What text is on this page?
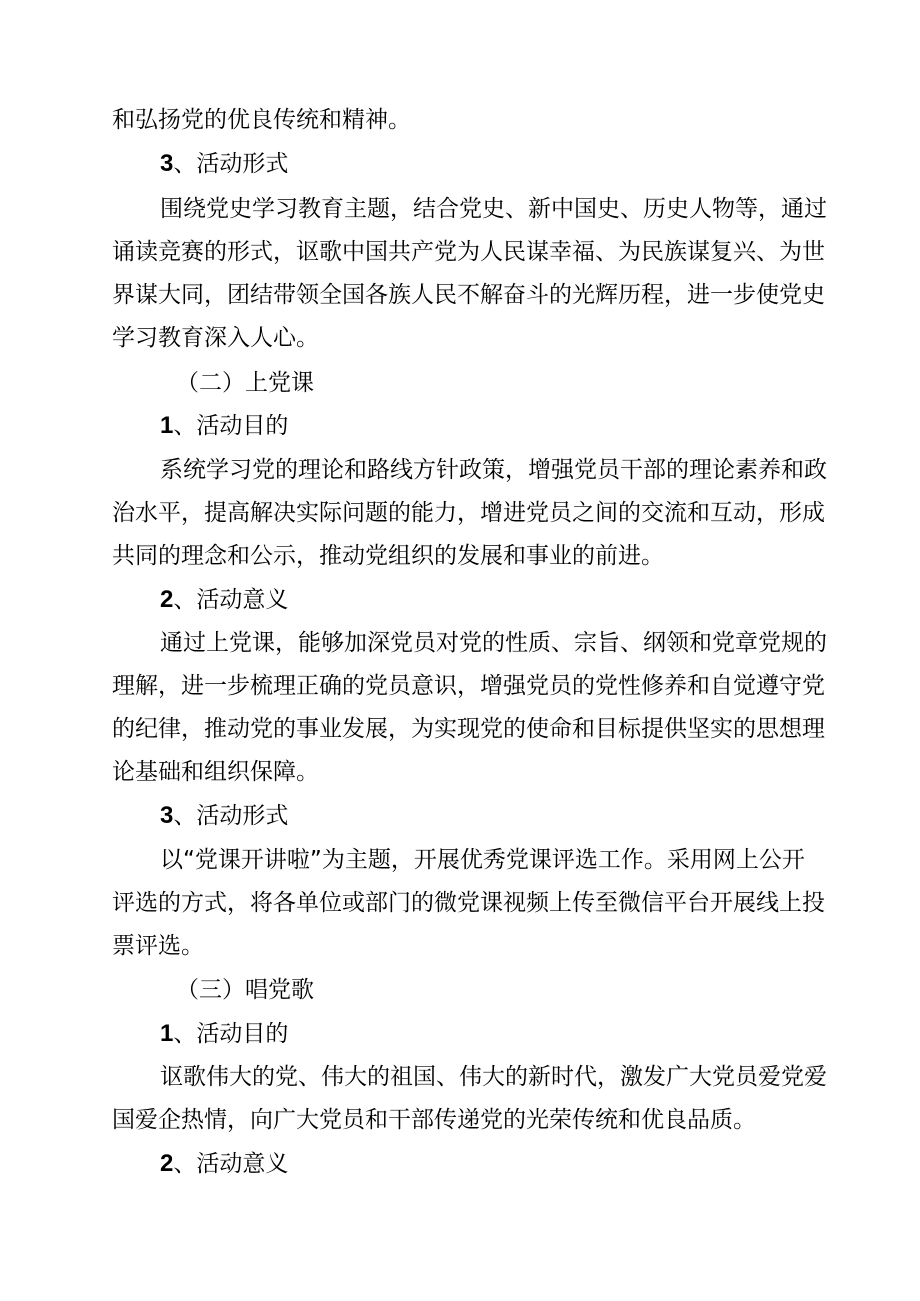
和弘扬党的优良传统和精神。
3、活动形式
围绕党史学习教育主题，结合党史、新中国史、历史人物等，通过
诵读竞赛的形式，讴歌中国共产党为人民谋幸福、为民族谋复兴、为世
界谋大同，团结带领全国各族人民不解奋斗的光辉历程，进一步使党史
学习教育深入人心。
（二）上党课
1、活动目的
系统学习党的理论和路线方针政策，增强党员干部的理论素养和政
治水平，提高解决实际问题的能力，增进党员之间的交流和互动，形成
共同的理念和公示，推动党组织的发展和事业的前进。
2、活动意义
通过上党课，能够加深党员对党的性质、宗旨、纲领和党章党规的
理解，进一步梳理正确的党员意识，增强党员的党性修养和自觉遵守党
的纪律，推动党的事业发展，为实现党的使命和目标提供坚实的思想理
论基础和组织保障。
3、活动形式
以“党课开讲啦”为主题，开展优秀党课评选工作。采用网上公开
评选的方式，将各单位或部门的微党课视频上传至微信平台开展线上投
票评选。
（三）唱党歌
1、活动目的
讴歌伟大的党、伟大的祖国、伟大的新时代，激发广大党员爱党爱
国爱企热情，向广大党员和干部传递党的光荣传统和优良品质。
2、活动意义
